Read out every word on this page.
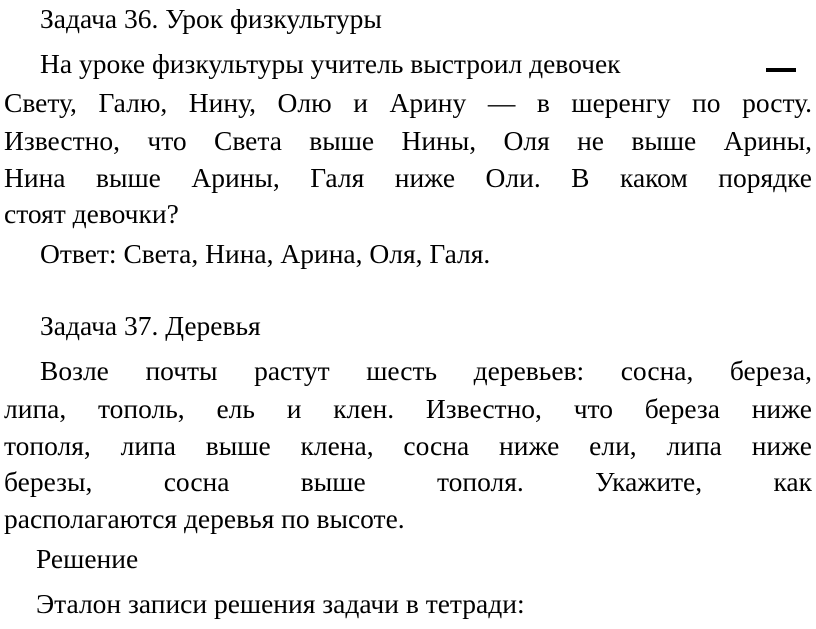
Задача 36. Урок физкультуры
На уроке физкультуры учитель выстроил девочек
Свету, Галю, Нину, Олю и Арину — в шеренгу по росту.
Известно, что Света выше Нины, Оля не выше Арины,
Нина выше Арины, Галя ниже Оли. В каком порядке
стоят девочки?
Ответ: Света, Нина, Арина, Оля, Галя.
Задача 37. Деревья
Возле почты растут шесть деревьев: сосна, береза,
липа, тополь, ель и клен. Известно, что береза ниже
тополя, липа выше клена, сосна ниже ели, липа ниже
березы, сосна выше тополя. Укажите, как
располагаются деревья по высоте.
Решение
Эталон записи решения задачи в тетради:
